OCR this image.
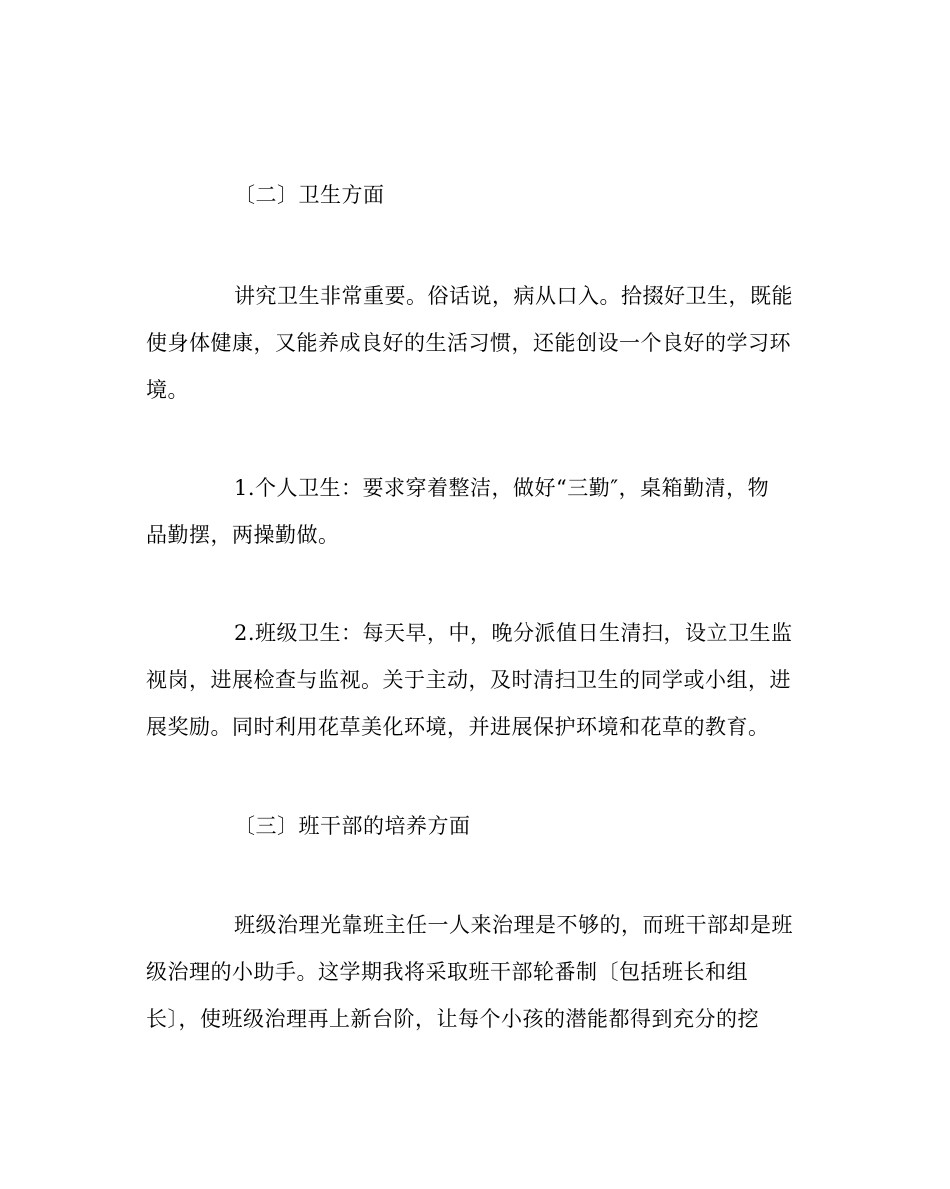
〔二〕卫生方面
讲究卫生非常重要。俗话说，病从口入。拾掇好卫生，既能
使身体健康，又能养成良好的生活习惯，还能创设一个良好的学习环
境。
1.个人卫生：要求穿着整洁，做好“三勤″，桌箱勤清，物
品勤摆，两操勤做。
2.班级卫生：每天早，中，晚分派值日生清扫，设立卫生监
视岗，进展检查与监视。关于主动，及时清扫卫生的同学或小组，进
展奖励。同时利用花草美化环境，并进展保护环境和花草的教育。
〔三〕班干部的培养方面
班级治理光靠班主任一人来治理是不够的，而班干部却是班
级治理的小助手。这学期我将采取班干部轮番制〔包括班长和组
长〕，使班级治理再上新台阶，让每个小孩的潜能都得到充分的挖
